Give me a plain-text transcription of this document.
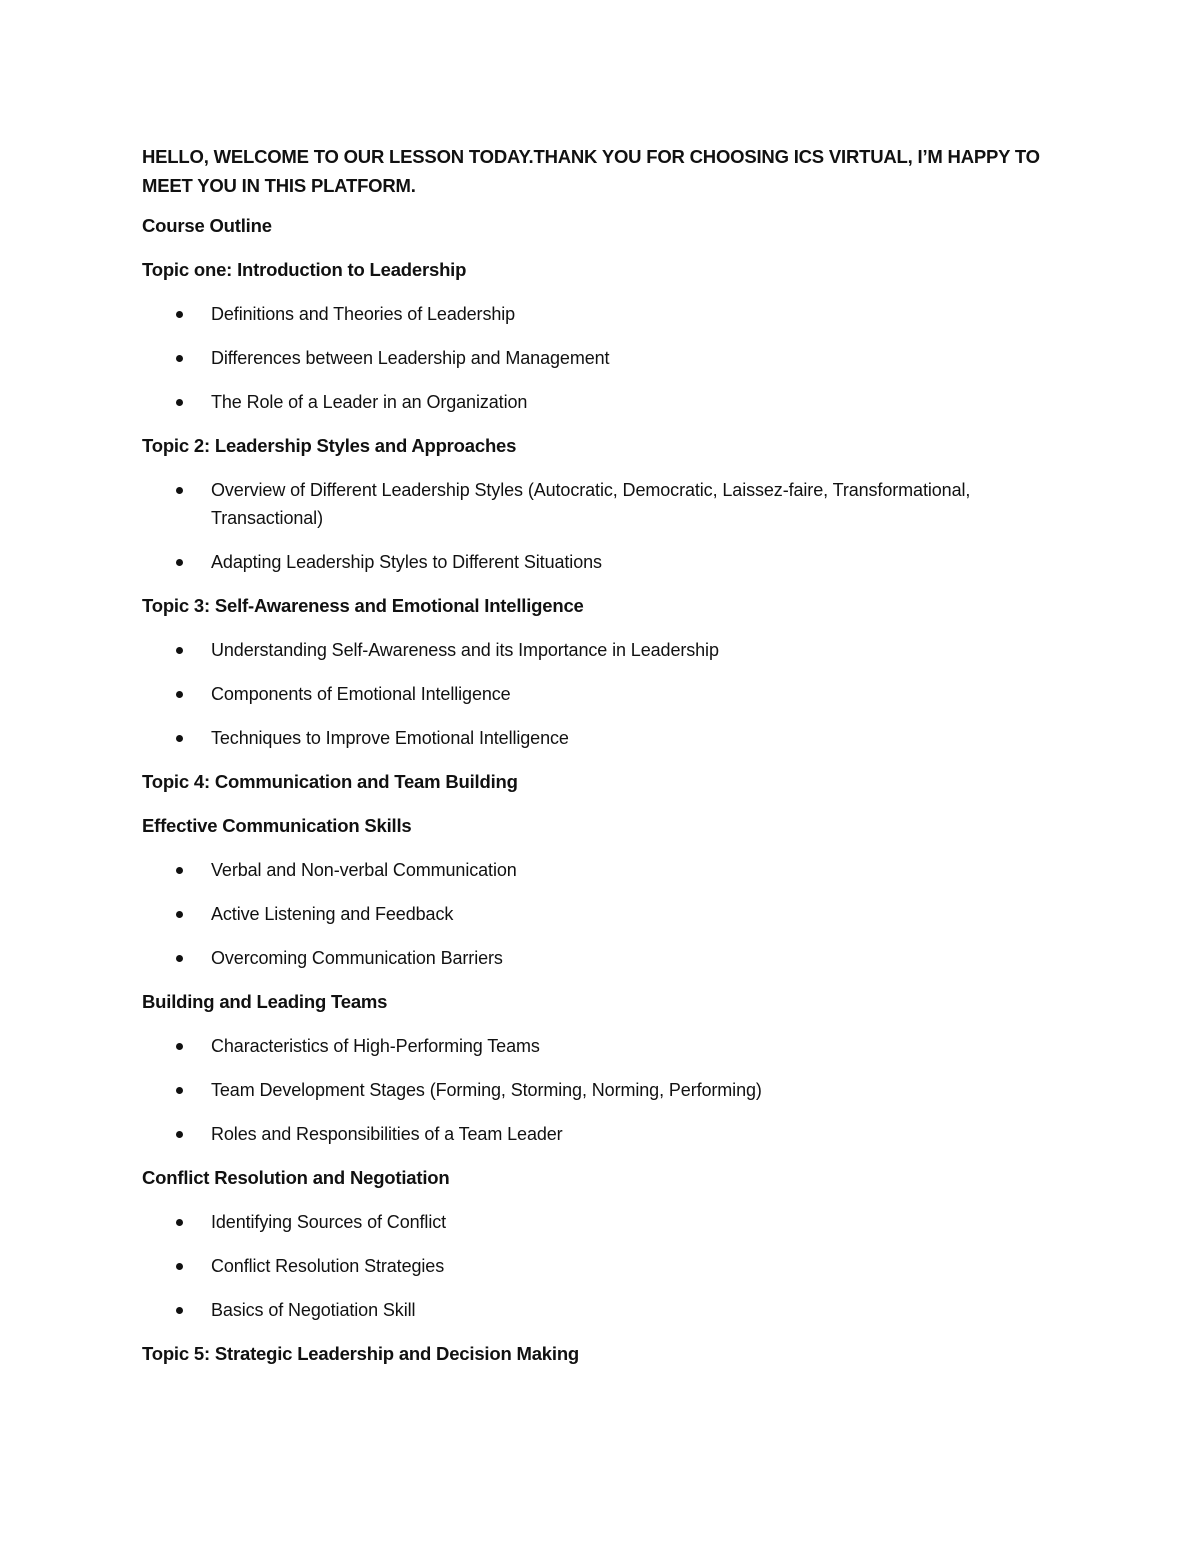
HELLO, WELCOME TO OUR LESSON TODAY.THANK YOU FOR CHOOSING ICS VIRTUAL, I’M HAPPY TO MEET YOU IN THIS PLATFORM.

Course Outline

Topic one: Introduction to Leadership

Definitions and Theories of Leadership
Differences between Leadership and Management
The Role of a Leader in an Organization

Topic 2: Leadership Styles and Approaches

Overview of Different Leadership Styles (Autocratic, Democratic, Laissez-faire, Transformational, Transactional)
Adapting Leadership Styles to Different Situations

Topic 3: Self-Awareness and Emotional Intelligence

Understanding Self-Awareness and its Importance in Leadership
Components of Emotional Intelligence
Techniques to Improve Emotional Intelligence

Topic 4: Communication and Team Building

Effective Communication Skills

Verbal and Non-verbal Communication
Active Listening and Feedback
Overcoming Communication Barriers

Building and Leading Teams

Characteristics of High-Performing Teams
Team Development Stages (Forming, Storming, Norming, Performing)
Roles and Responsibilities of a Team Leader

Conflict Resolution and Negotiation

Identifying Sources of Conflict
Conflict Resolution Strategies
Basics of Negotiation Skill

Topic 5: Strategic Leadership and Decision Making
